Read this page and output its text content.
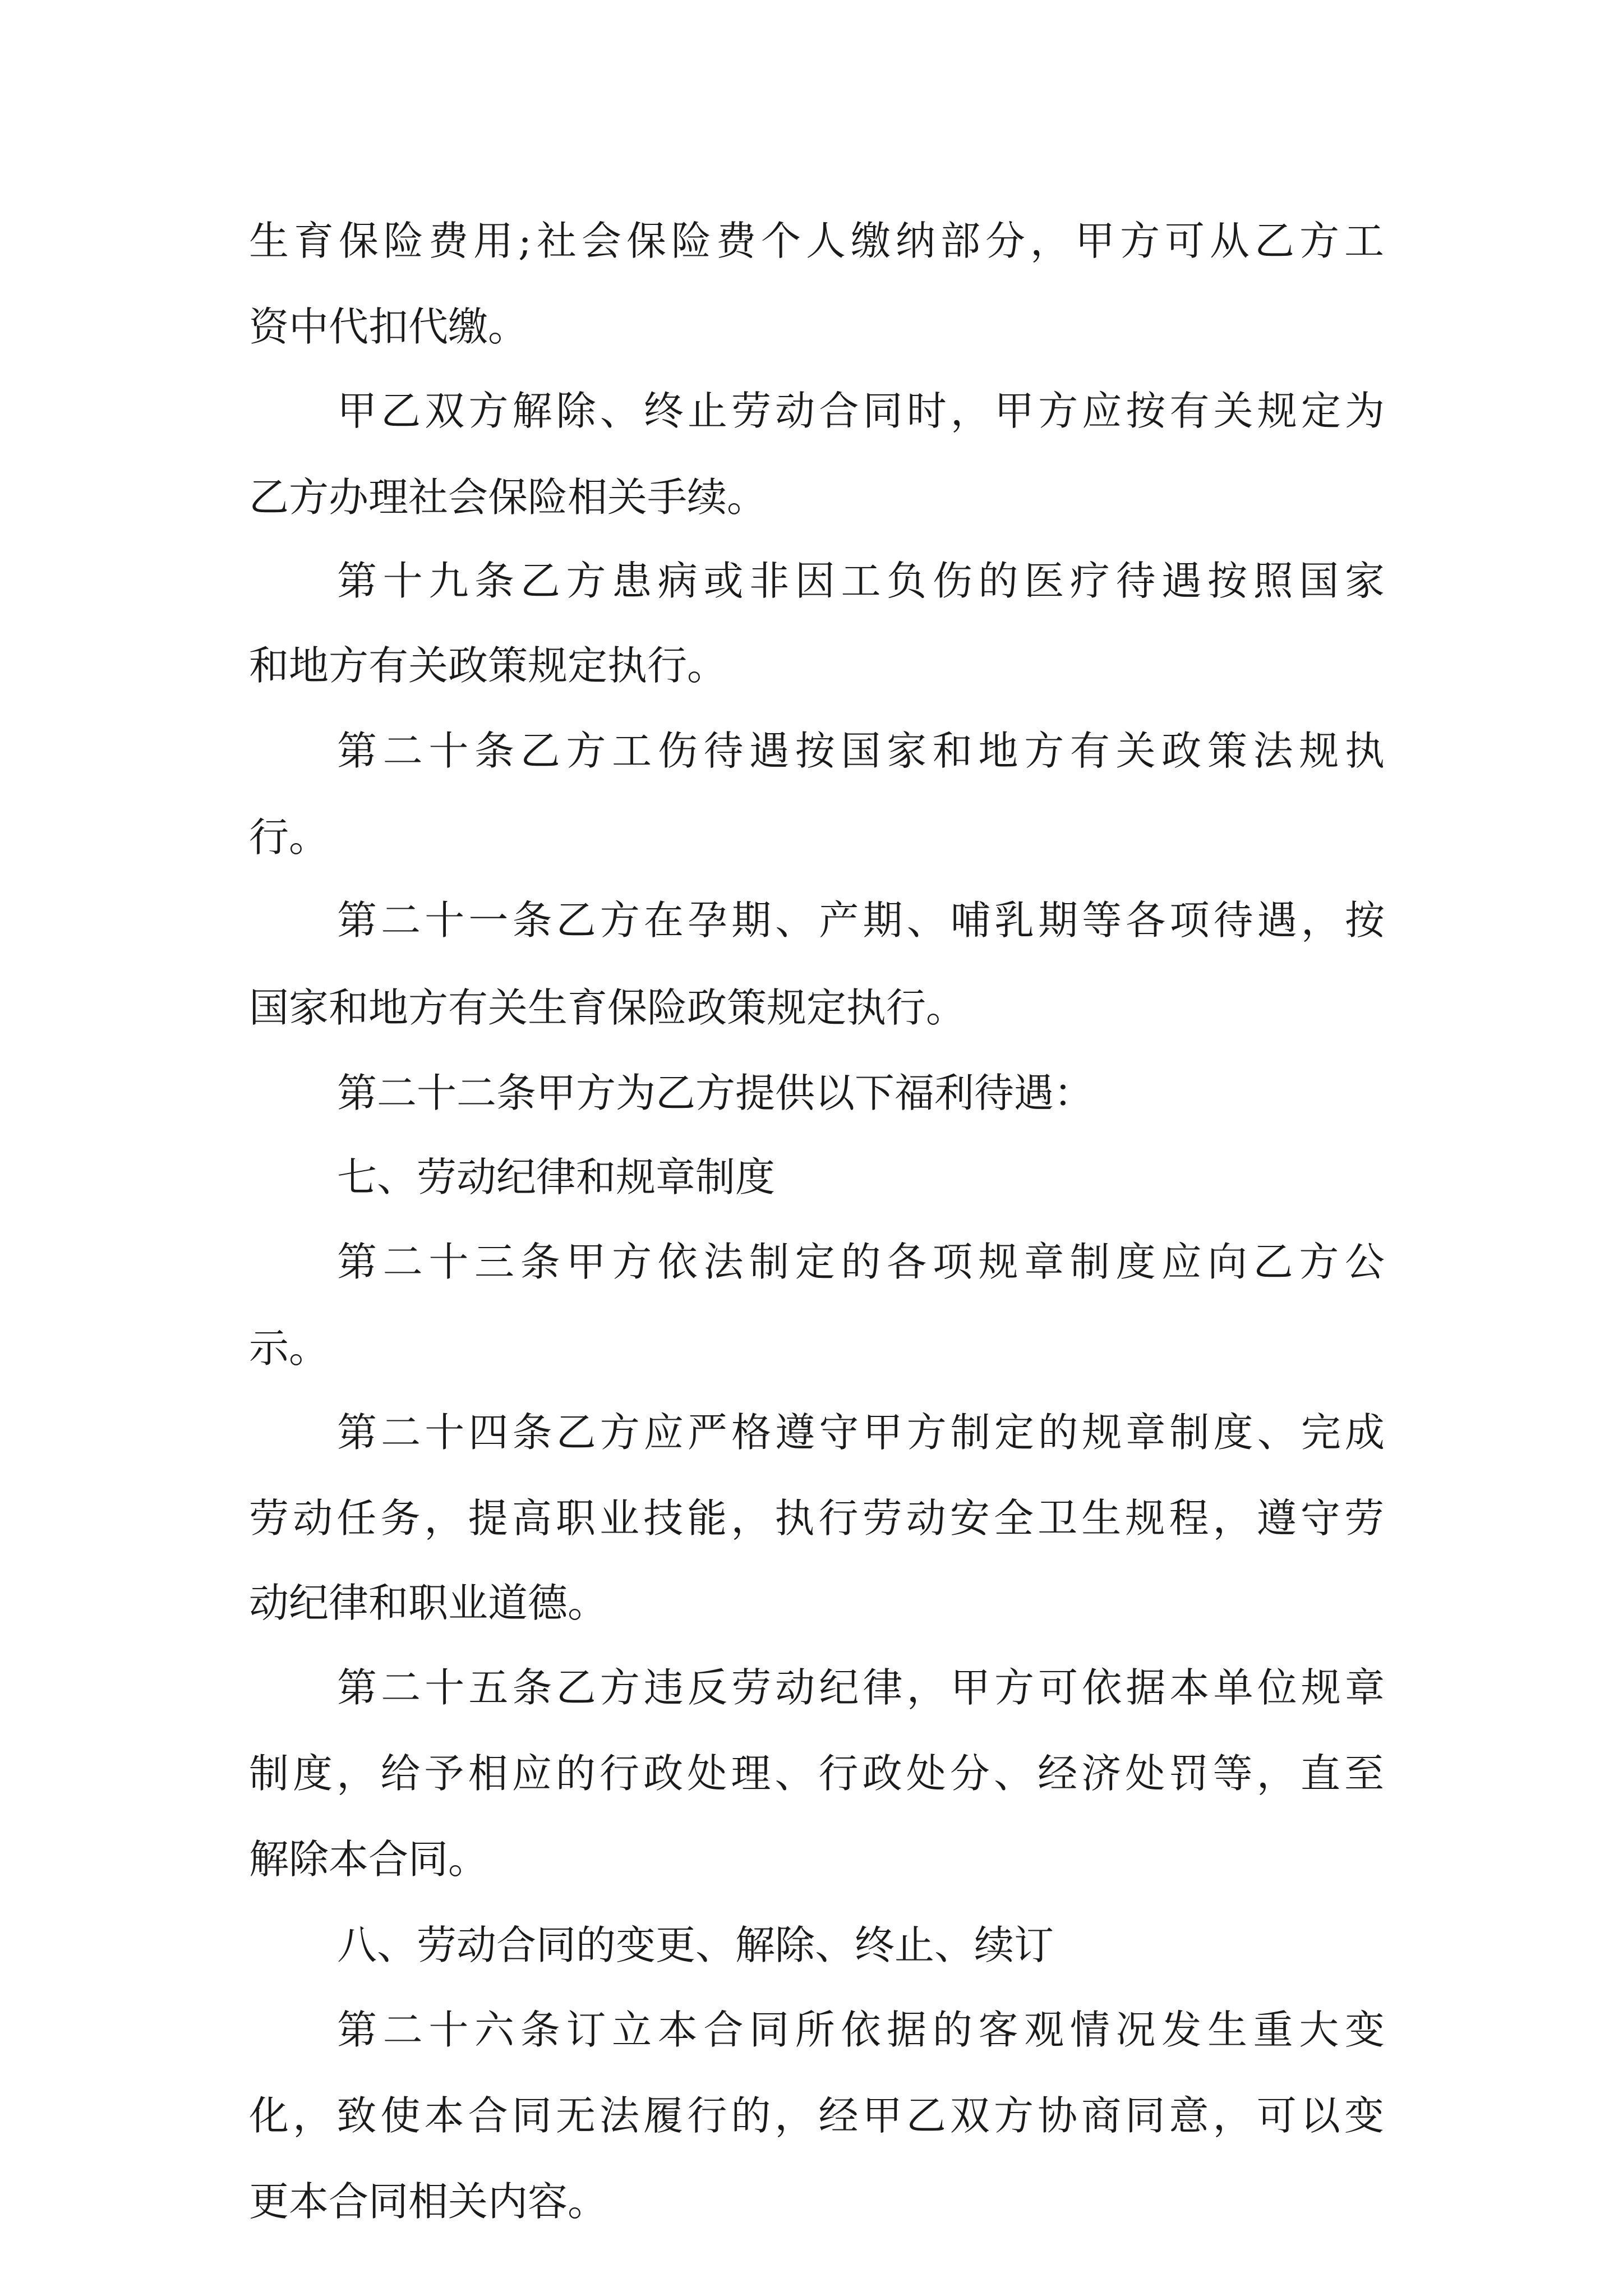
生育保险费用;社会保险费个人缴纳部分，甲方可从乙方工
资中代扣代缴。
甲乙双方解除、终止劳动合同时，甲方应按有关规定为
乙方办理社会保险相关手续。
第十九条乙方患病或非因工负伤的医疗待遇按照国家
和地方有关政策规定执行。
第二十条乙方工伤待遇按国家和地方有关政策法规执
行。
第二十一条乙方在孕期、产期、哺乳期等各项待遇，按
国家和地方有关生育保险政策规定执行。
第二十二条甲方为乙方提供以下福利待遇：
七、劳动纪律和规章制度
第二十三条甲方依法制定的各项规章制度应向乙方公
示。
第二十四条乙方应严格遵守甲方制定的规章制度、完成
劳动任务，提高职业技能，执行劳动安全卫生规程，遵守劳
动纪律和职业道德。
第二十五条乙方违反劳动纪律，甲方可依据本单位规章
制度，给予相应的行政处理、行政处分、经济处罚等，直至
解除本合同。
八、劳动合同的变更、解除、终止、续订
第二十六条订立本合同所依据的客观情况发生重大变
化，致使本合同无法履行的，经甲乙双方协商同意，可以变
更本合同相关内容。
